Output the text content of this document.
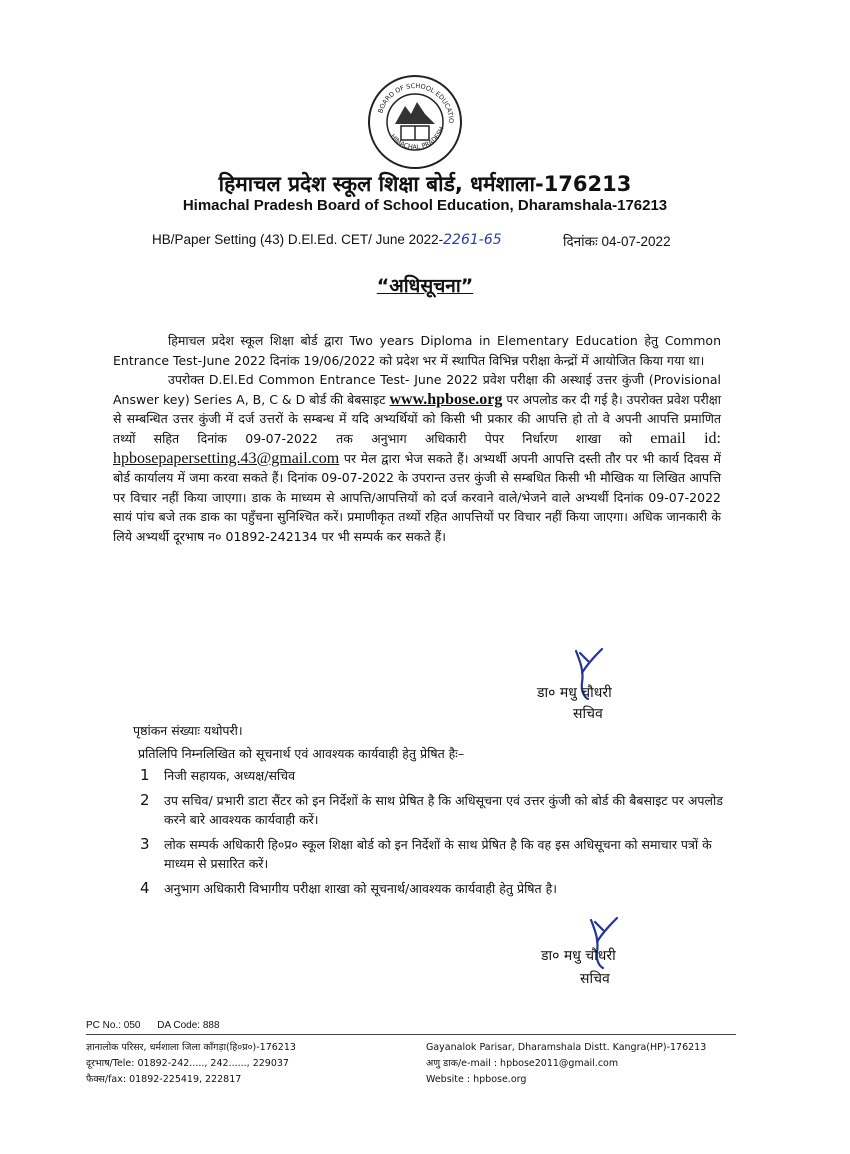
BOARD OF SCHOOL EDUCATIO
HIMACHAL PRADESH
हिमाचल प्रदेश स्कूल शिक्षा बोर्ड, धर्मशाला-176213
Himachal Pradesh Board of School Education, Dharamshala-176213
HB/Paper Setting (43) D.El.Ed. CET/ June 2022-2261-65	दिनांकः 04-07-2022
“अधिसूचना”

हिमाचल प्रदेश स्कूल शिक्षा बोर्ड द्वारा Two years Diploma in Elementary Education हेतु Common Entrance Test-June 2022 दिनांक 19/06/2022 को प्रदेश भर में स्थापित विभिन्न परीक्षा केन्द्रों में आयोजित किया गया था।

उपरोक्त D.El.Ed Common Entrance Test- June 2022 प्रवेश परीक्षा की अस्थाई उत्तर कुंजी (Provisional Answer key) Series A, B, C & D बोर्ड की बेबसाइट www.hpbose.org पर अपलोड कर दी गई है। उपरोक्त प्रवेश परीक्षा से सम्बन्धित उत्तर कुंजी में दर्ज उत्तरों के सम्बन्ध में यदि अभ्यर्थियों को किसी भी प्रकार की आपत्ति हो तो वे अपनी आपत्ति प्रमाणित तथ्यों सहित दिनांक 09-07-2022 तक अनुभाग अधिकारी पेपर निर्धारण शाखा को email id: hpbosepapersetting.43@gmail.com पर मेल द्वारा भेज सकते हैं। अभ्यर्थी अपनी आपत्ति दस्ती तौर पर भी कार्य दिवस में बोर्ड कार्यालय में जमा करवा सकते हैं। दिनांक 09-07-2022 के उपरान्त उत्तर कुंजी से सम्बधित किसी भी मौखिक या लिखित आपत्ति पर विचार नहीं किया जाएगा। डाक के माध्यम से आपत्ति/आपत्तियों को दर्ज करवाने वाले/भेजने वाले अभ्यर्थी दिनांक 09-07-2022 सायं पांच बजे तक डाक का पहुँचना सुनिश्चित करें। प्रमाणीकृत तथ्यों रहित आपत्तियों पर विचार नहीं किया जाएगा। अधिक जानकारी के लिये अभ्यर्थी दूरभाष न० 01892-242134 पर भी सम्पर्क कर सकते हैं।

डा० मधु चौधरी
सचिव
पृष्ठांकन संख्याः यथोपरी।
प्रतिलिपि निम्नलिखित को सूचनार्थ एवं आवश्यक कार्यवाही हेतु प्रेषित हैः–
1 निजी सहायक, अध्यक्ष/सचिव
2 उप सचिव/ प्रभारी डाटा सैंटर को इन निर्देशों के साथ प्रेषित है कि अधिसूचना एवं उत्तर कुंजी को बोर्ड की बैबसाइट पर अपलोड करने बारे आवश्यक कार्यवाही करें।
3 लोक सम्पर्क अधिकारी हि०प्र० स्कूल शिक्षा बोर्ड को इन निर्देशों के साथ प्रेषित है कि वह इस अधिसूचना को समाचार पत्रों के माध्यम से प्रसारित करें।
4 अनुभाग अधिकारी विभागीय परीक्षा शाखा को सूचनार्थ/आवश्यक कार्यवाही हेतु प्रेषित है।
डा० मधु चौधरी
सचिव
PC No.: 050 DA Code: 888
ज्ञानालोक परिसर, धर्मशाला जिला काँगड़ा(हि०प्र०)-176213
दूरभाष/Tele: 01892-242....., 242......, 229037
फैक्स/fax: 01892-225419, 222817
Gayanalok Parisar, Dharamshala Distt. Kangra(HP)-176213
अणु डाक/e-mail : hpbose2011@gmail.com
Website : hpbose.org
